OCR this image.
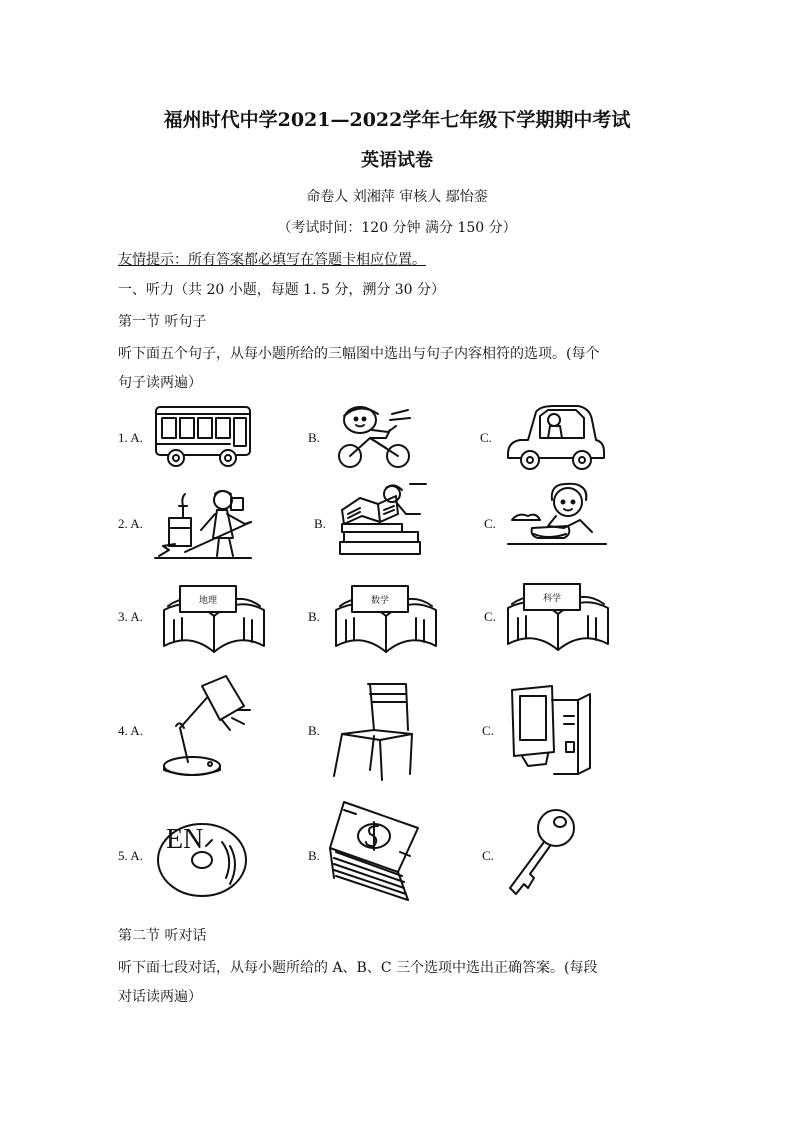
福州时代中学2021—2022学年七年级下学期期中考试
英语试卷
命卷人 刘湘萍 审核人 鄢怡銮
（考试时间：120 分钟 满分 150 分）
友情提示：所有答案都必填写在答题卡相应位置。
一、听力（共 20 小题，每题 1. 5 分，溯分 30 分）
第一节 听句子
听下面五个句子，从每小题所给的三幅图中选出与句子内容相符的选项。(每个
句子读两遍）
1. A.	B.	C.
2. A.	B.	C.
3. A.	B.	C.
4. A.	B.	C.
5. A.	B.	C.
地理	数学	科学
EN
第二节 听对话
听下面七段对话，从每小题所给的 A、B、C 三个选项中选出正确答案。(每段
对话读两遍）
